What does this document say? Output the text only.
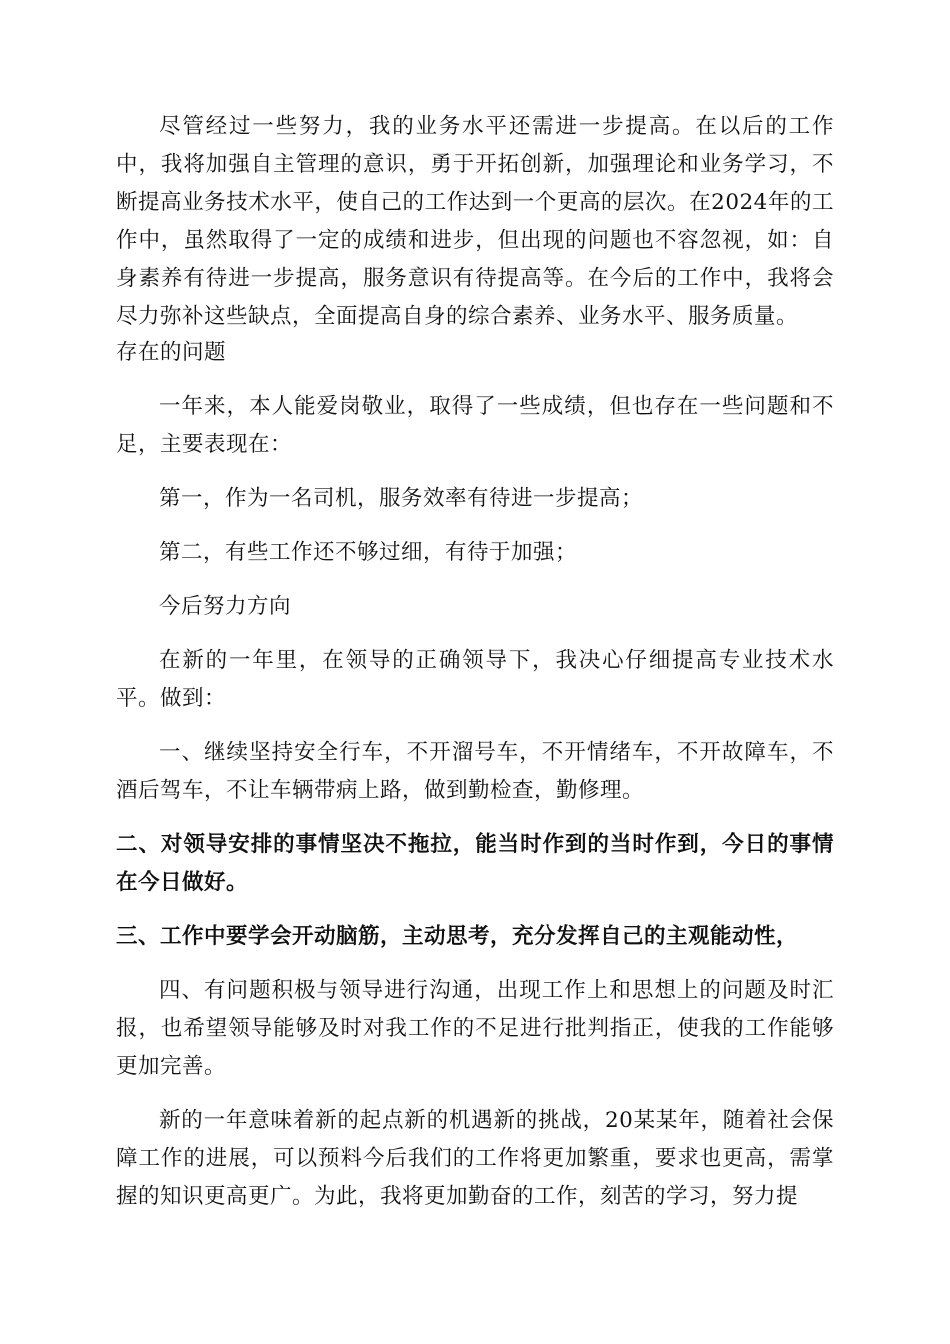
尽管经过一些努力，我的业务水平还需进一步提高。在以后的工作中，我将加强自主管理的意识，勇于开拓创新，加强理论和业务学习，不断提高业务技术水平，使自己的工作达到一个更高的层次。在2024年的工作中，虽然取得了一定的成绩和进步，但出现的问题也不容忽视，如：自身素养有待进一步提高，服务意识有待提高等。在今后的工作中，我将会尽力弥补这些缺点，全面提高自身的综合素养、业务水平、服务质量。

存在的问题

一年来，本人能爱岗敬业，取得了一些成绩，但也存在一些问题和不足，主要表现在：

第一，作为一名司机，服务效率有待进一步提高；

第二，有些工作还不够过细，有待于加强；

今后努力方向

在新的一年里，在领导的正确领导下，我决心仔细提高专业技术水平。做到：

一、继续坚持安全行车，不开溜号车，不开情绪车，不开故障车，不酒后驾车，不让车辆带病上路，做到勤检查，勤修理。

二、对领导安排的事情坚决不拖拉，能当时作到的当时作到，今日的事情在今日做好。

三、工作中要学会开动脑筋，主动思考，充分发挥自己的主观能动性，

四、有问题积极与领导进行沟通，出现工作上和思想上的问题及时汇报，也希望领导能够及时对我工作的不足进行批判指正，使我的工作能够更加完善。

新的一年意味着新的起点新的机遇新的挑战，20某某年，随着社会保障工作的进展，可以预料今后我们的工作将更加繁重，要求也更高，需掌握的知识更高更广。为此，我将更加勤奋的工作，刻苦的学习，努力提
